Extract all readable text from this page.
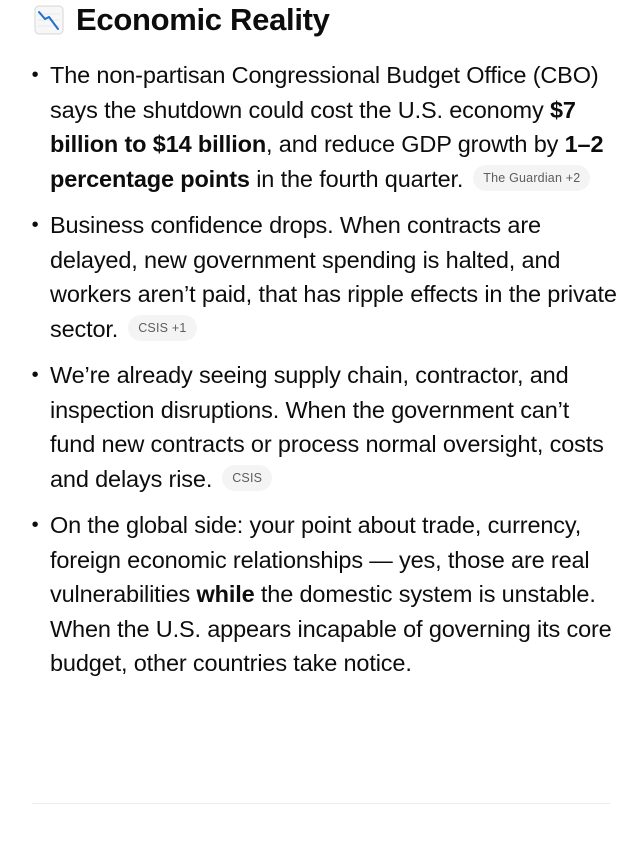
Economic Reality
• The non-partisan Congressional Budget Office (CBO) says the shutdown could cost the U.S. economy $7 billion to $14 billion, and reduce GDP growth by 1–2 percentage points in the fourth quarter. The Guardian +2
• Business confidence drops. When contracts are delayed, new government spending is halted, and workers aren’t paid, that has ripple effects in the private sector. CSIS +1
• We’re already seeing supply chain, contractor, and inspection disruptions. When the government can’t fund new contracts or process normal oversight, costs and delays rise. CSIS
• On the global side: your point about trade, currency, foreign economic relationships — yes, those are real vulnerabilities while the domestic system is unstable. When the U.S. appears incapable of governing its core budget, other countries take notice.
